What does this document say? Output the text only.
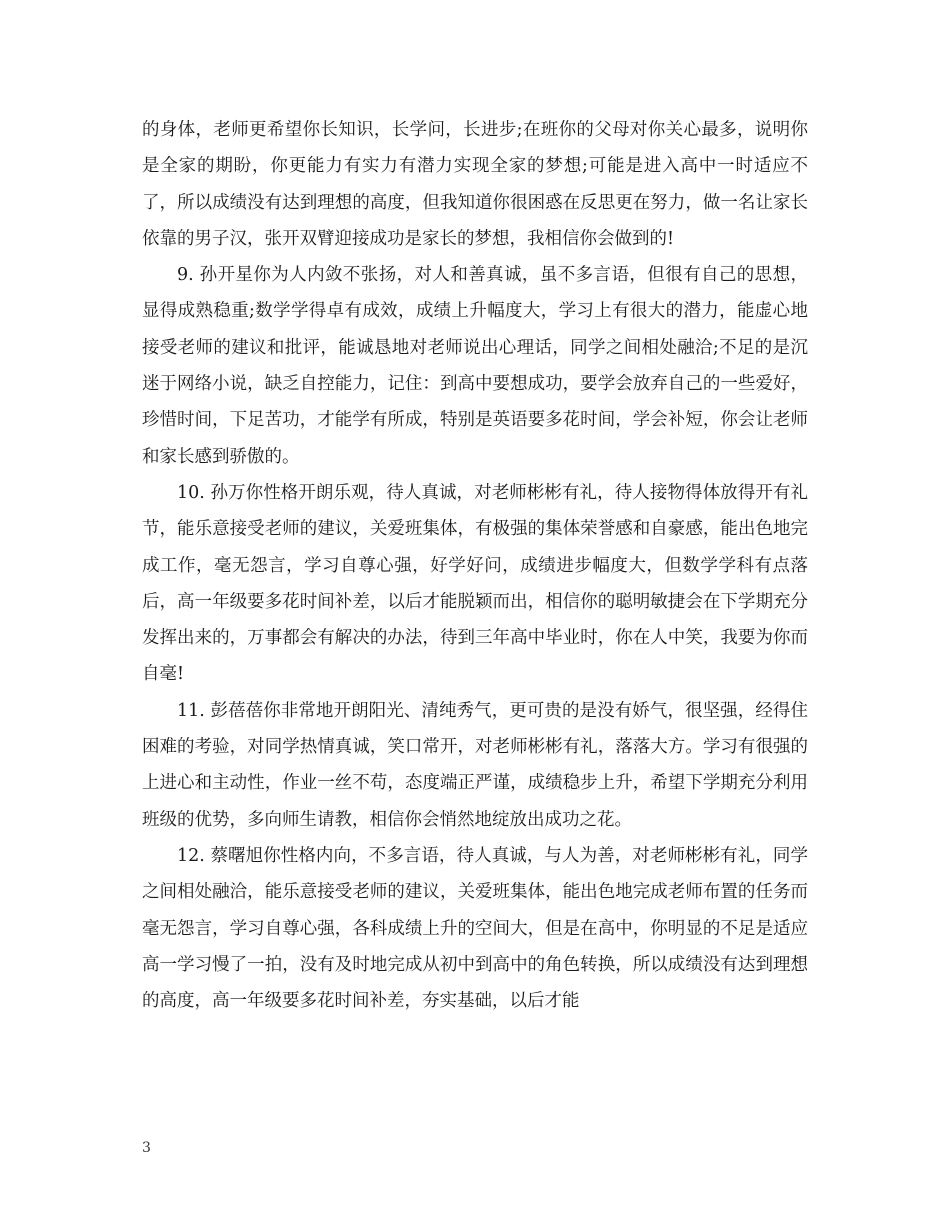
的身体，老师更希望你长知识，长学问，长进步;在班你的父母对你关心最多，说明你是全家的期盼，你更能力有实力有潜力实现全家的梦想;可能是进入高中一时适应不了，所以成绩没有达到理想的高度，但我知道你很困惑在反思更在努力，做一名让家长依靠的男子汉，张开双臂迎接成功是家长的梦想，我相信你会做到的!

9. 孙开星你为人内敛不张扬，对人和善真诚，虽不多言语，但很有自己的思想，显得成熟稳重;数学学得卓有成效，成绩上升幅度大，学习上有很大的潜力，能虚心地接受老师的建议和批评，能诚恳地对老师说出心理话，同学之间相处融洽;不足的是沉迷于网络小说，缺乏自控能力，记住：到高中要想成功，要学会放弃自己的一些爱好，珍惜时间，下足苦功，才能学有所成，特别是英语要多花时间，学会补短，你会让老师和家长感到骄傲的。

10. 孙万你性格开朗乐观，待人真诚，对老师彬彬有礼，待人接物得体放得开有礼节，能乐意接受老师的建议，关爱班集体，有极强的集体荣誉感和自豪感，能出色地完成工作，毫无怨言，学习自尊心强，好学好问，成绩进步幅度大，但数学学科有点落后，高一年级要多花时间补差，以后才能脱颖而出，相信你的聪明敏捷会在下学期充分发挥出来的，万事都会有解决的办法，待到三年高中毕业时，你在人中笑，我要为你而自毫!

11. 彭蓓蓓你非常地开朗阳光、清纯秀气，更可贵的是没有娇气，很坚强，经得住困难的考验，对同学热情真诚，笑口常开，对老师彬彬有礼，落落大方。学习有很强的上进心和主动性，作业一丝不苟，态度端正严谨，成绩稳步上升，希望下学期充分利用班级的优势，多向师生请教，相信你会悄然地绽放出成功之花。

12. 蔡曙旭你性格内向，不多言语，待人真诚，与人为善，对老师彬彬有礼，同学之间相处融洽，能乐意接受老师的建议，关爱班集体，能出色地完成老师布置的任务而毫无怨言，学习自尊心强，各科成绩上升的空间大，但是在高中，你明显的不足是适应高一学习慢了一拍，没有及时地完成从初中到高中的角色转换，所以成绩没有达到理想的高度，高一年级要多花时间补差，夯实基础，以后才能

3
